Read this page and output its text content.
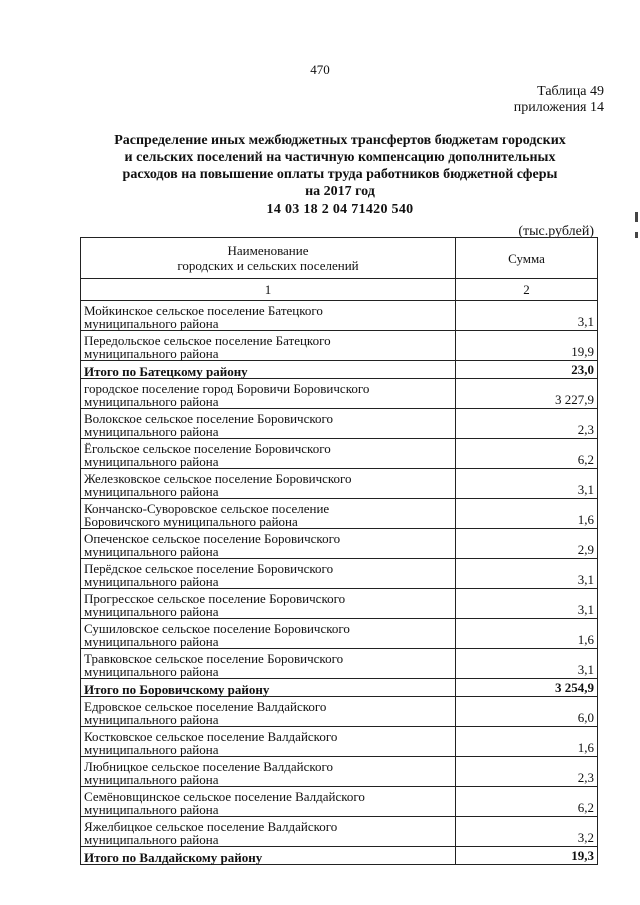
470
Таблица 49
приложения 14
Распределение иных межбюджетных трансфертов бюджетам городских
и сельских поселений на частичную компенсацию дополнительных
расходов на повышение оплаты труда работников бюджетной сферы
на 2017 год
14 03 18 2 04 71420 540
(тыс.рублей)
Наименование
городских и сельских поселений	Сумма
1	2

Мойкинское сельское поселение Батецкого
муниципального района	3,1

Передольское сельское поселение Батецкого
муниципального района	19,9

Итого по Батецкому району	23,0

городское поселение город Боровичи Боровичского
муниципального района	3 227,9

Волокское сельское поселение Боровичского
муниципального района	2,3

Ёгольское сельское поселение Боровичского
муниципального района	6,2

Железковское сельское поселение Боровичского
муниципального района	3,1

Кончанско-Суворовское сельское поселение
Боровичского муниципального района	1,6

Опеченское сельское поселение Боровичского
муниципального района	2,9

Перёдское сельское поселение Боровичского
муниципального района	3,1

Прогресское сельское поселение Боровичского
муниципального района	3,1

Сушиловское сельское поселение Боровичского
муниципального района	1,6

Травковское сельское поселение Боровичского
муниципального района	3,1

Итого по Боровичскому району	3 254,9

Едровское сельское поселение Валдайского
муниципального района	6,0

Костковское сельское поселение Валдайского
муниципального района	1,6

Любницкое сельское поселение Валдайского
муниципального района	2,3

Семёновщинское сельское поселение Валдайского
муниципального района	6,2

Яжелбицкое сельское поселение Валдайского
муниципального района	3,2

Итого по Валдайскому району	19,3
